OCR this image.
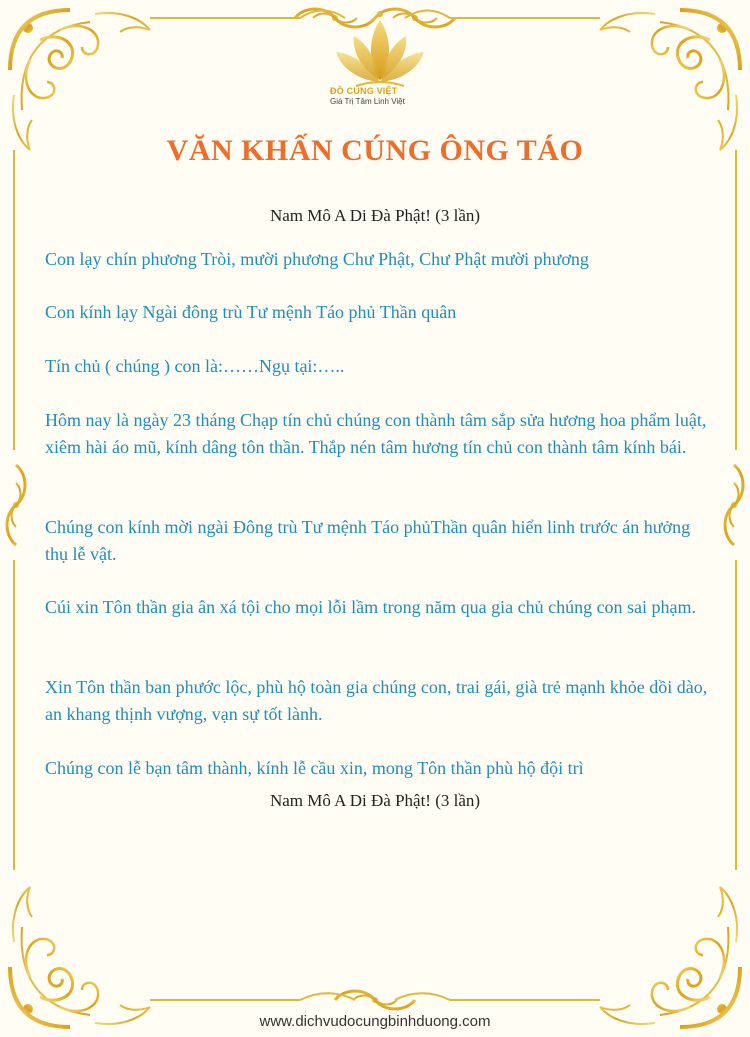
ĐỒ CÚNG VIỆT

Giá Trị Tâm Linh Việt

VĂN KHẤN CÚNG ÔNG TÁO

Nam Mô A Di Đà Phật! (3 lần)

Con lạy chín phương Tròi, mười phương Chư Phật, Chư Phật mười phương

Con kính lạy Ngài đông trù Tư mệnh Táo phủ Thần quân

Tín chủ ( chúng ) con là:……Ngụ tại:…..

Hôm nay là ngày 23 tháng Chạp tín chủ chúng con thành tâm sắp sửa hương hoa phẩm luật, xiêm hài áo mũ, kính dâng tôn thần. Thắp nén tâm hương tín chủ con thành tâm kính bái.

Chúng con kính mời ngài Đông trù Tư mệnh Táo phủThần quân hiển linh trước án hưởng thụ lễ vật.

Cúi xin Tôn thần gia ân xá tội cho mọi lỗi lầm trong năm qua gia chủ chúng con sai phạm.

Xin Tôn thần ban phước lộc, phù hộ toàn gia chúng con, trai gái, già trẻ mạnh khỏe dồi dào, an khang thịnh vượng, vạn sự tốt lành.

Chúng con lễ bạn tâm thành, kính lễ cầu xin, mong Tôn thần phù hộ đội trì

Nam Mô A Di Đà Phật! (3 lần)

www.dichvudocungbinhduong.com
